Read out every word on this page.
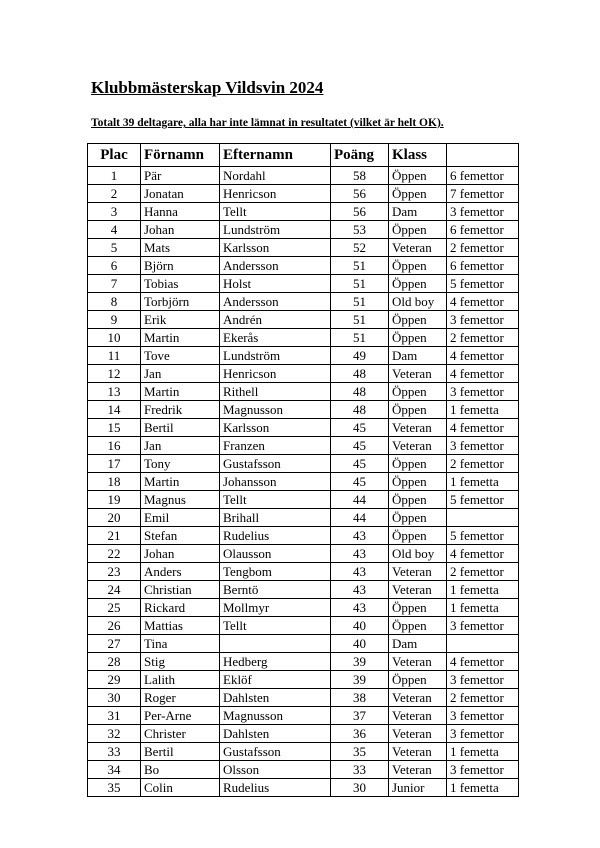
Klubbmästerskap Vildsvin 2024
Totalt 39 deltagare, alla har inte lämnat in resultatet (vilket är helt OK).
Plac	Förnamn	Efternamn	Poäng	Klass	
1	Pär	Nordahl	58	Öppen	6 femettor
2	Jonatan	Henricson	56	Öppen	7 femettor
3	Hanna	Tellt	56	Dam	3 femettor
4	Johan	Lundström	53	Öppen	6 femettor
5	Mats	Karlsson	52	Veteran	2 femettor
6	Björn	Andersson	51	Öppen	6 femettor
7	Tobias	Holst	51	Öppen	5 femettor
8	Torbjörn	Andersson	51	Old boy	4 femettor
9	Erik	Andrén	51	Öppen	3 femettor
10	Martin	Ekerås	51	Öppen	2 femettor
11	Tove	Lundström	49	Dam	4 femettor
12	Jan	Henricson	48	Veteran	4 femettor
13	Martin	Rithell	48	Öppen	3 femettor
14	Fredrik	Magnusson	48	Öppen	1 femetta
15	Bertil	Karlsson	45	Veteran	4 femettor
16	Jan	Franzen	45	Veteran	3 femettor
17	Tony	Gustafsson	45	Öppen	2 femettor
18	Martin	Johansson	45	Öppen	1 femetta
19	Magnus	Tellt	44	Öppen	5 femettor
20	Emil	Brihall	44	Öppen	
21	Stefan	Rudelius	43	Öppen	5 femettor
22	Johan	Olausson	43	Old boy	4 femettor
23	Anders	Tengbom	43	Veteran	2 femettor
24	Christian	Berntö	43	Veteran	1 femetta
25	Rickard	Mollmyr	43	Öppen	1 femetta
26	Mattias	Tellt	40	Öppen	3 femettor
27	Tina		40	Dam	
28	Stig	Hedberg	39	Veteran	4 femettor
29	Lalith	Eklöf	39	Öppen	3 femettor
30	Roger	Dahlsten	38	Veteran	2 femettor
31	Per-Arne	Magnusson	37	Veteran	3 femettor
32	Christer	Dahlsten	36	Veteran	3 femettor
33	Bertil	Gustafsson	35	Veteran	1 femetta
34	Bo	Olsson	33	Veteran	3 femettor
35	Colin	Rudelius	30	Junior	1 femetta
